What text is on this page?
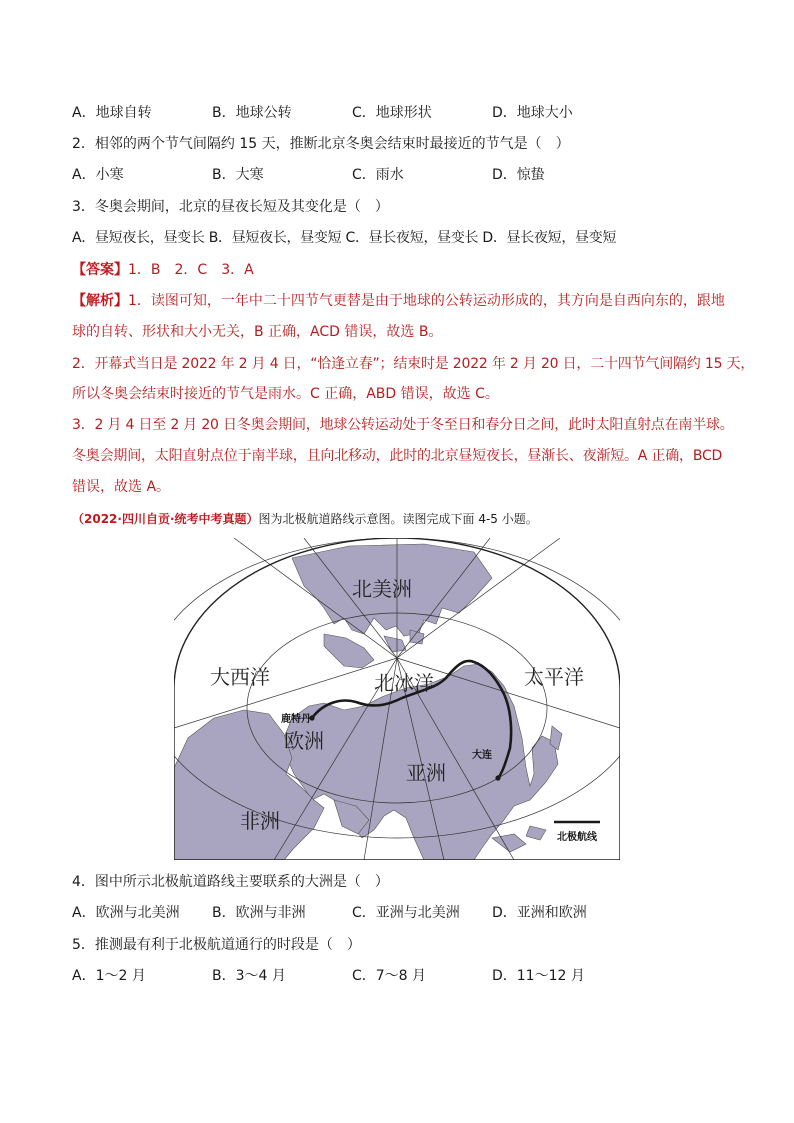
A．地球自转	B．地球公转	C．地球形状	D．地球大小
2．相邻的两个节气间隔约 15 天，推断北京冬奥会结束时最接近的节气是（　）
A．小寒	B．大寒	C．雨水	D．惊蛰
3．冬奥会期间，北京的昼夜长短及其变化是（　）
A．昼短夜长，昼变长 B．昼短夜长，昼变短 C．昼长夜短，昼变长 D．昼长夜短，昼变短
【答案】1．B　2．C　3．A
【解析】1．读图可知，一年中二十四节气更替是由于地球的公转运动形成的，其方向是自西向东的，跟地
球的自转、形状和大小无关，B 正确，ACD 错误，故选 B。
2．开幕式当日是 2022 年 2 月 4 日，“恰逢立春”；结束时是 2022 年 2 月 20 日，二十四节气间隔约 15 天，
所以冬奥会结束时接近的节气是雨水。C 正确，ABD 错误，故选 C。
3．2 月 4 日至 2 月 20 日冬奥会期间，地球公转运动处于冬至日和春分日之间，此时太阳直射点在南半球。
冬奥会期间，太阳直射点位于南半球，且向北移动，此时的北京昼短夜长，昼渐长、夜渐短。A 正确，BCD
错误，故选 A。
（2022·四川自贡·统考中考真题）图为北极航道路线示意图。读图完成下面 4-5 小题。
北美洲
大西洋	北冰洋	太平洋
鹿特丹
欧洲
亚洲
大连
非洲
北极航线
4．图中所示北极航道路线主要联系的大洲是（　）
A．欧洲与北美洲 B．欧洲与非洲	C．亚洲与北美洲 D．亚洲和欧洲
5．推测最有利于北极航道通行的时段是（　）
A．1～2 月	B．3～4 月	C．7～8 月	D．11～12 月
